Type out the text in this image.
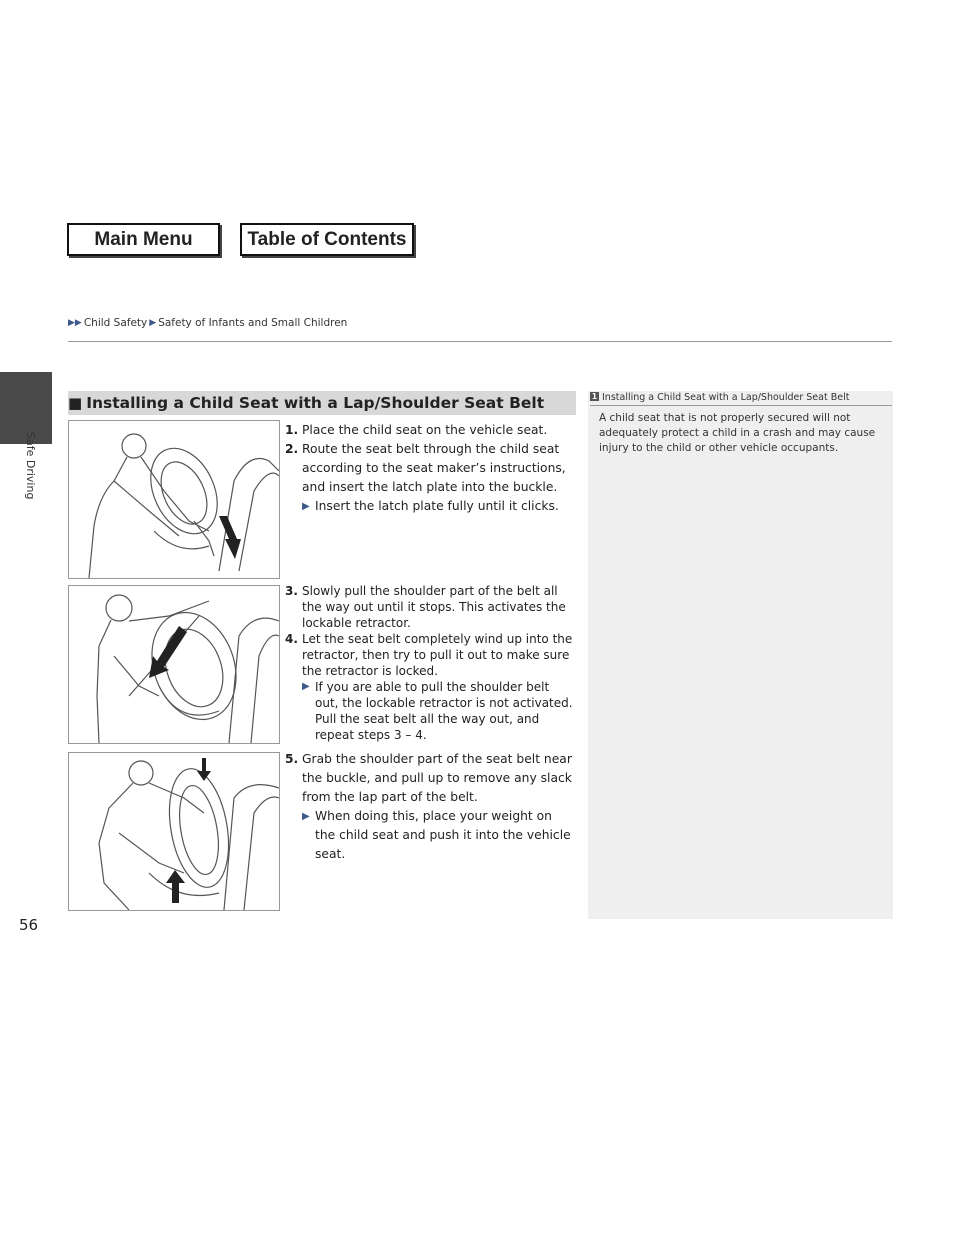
Main Menu	Table of Contents
▶▶ Child Safety ▶ Safety of Infants and Small Children
Safe Driving
56
■ Installing a Child Seat with a Lap/Shoulder Seat Belt
1. Place the child seat on the vehicle seat.
2. Route the seat belt through the child seat according to the seat maker’s instructions, and insert the latch plate into the buckle.
▶ Insert the latch plate fully until it clicks.
3. Slowly pull the shoulder part of the belt all the way out until it stops. This activates the lockable retractor.
4. Let the seat belt completely wind up into the retractor, then try to pull it out to make sure the retractor is locked.
▶ If you are able to pull the shoulder belt out, the lockable retractor is not activated. Pull the seat belt all the way out, and repeat steps 3 – 4.
5. Grab the shoulder part of the seat belt near the buckle, and pull up to remove any slack from the lap part of the belt.
▶ When doing this, place your weight on the child seat and push it into the vehicle seat.
1 Installing a Child Seat with a Lap/Shoulder Seat Belt
A child seat that is not properly secured will not adequately protect a child in a crash and may cause injury to the child or other vehicle occupants.
